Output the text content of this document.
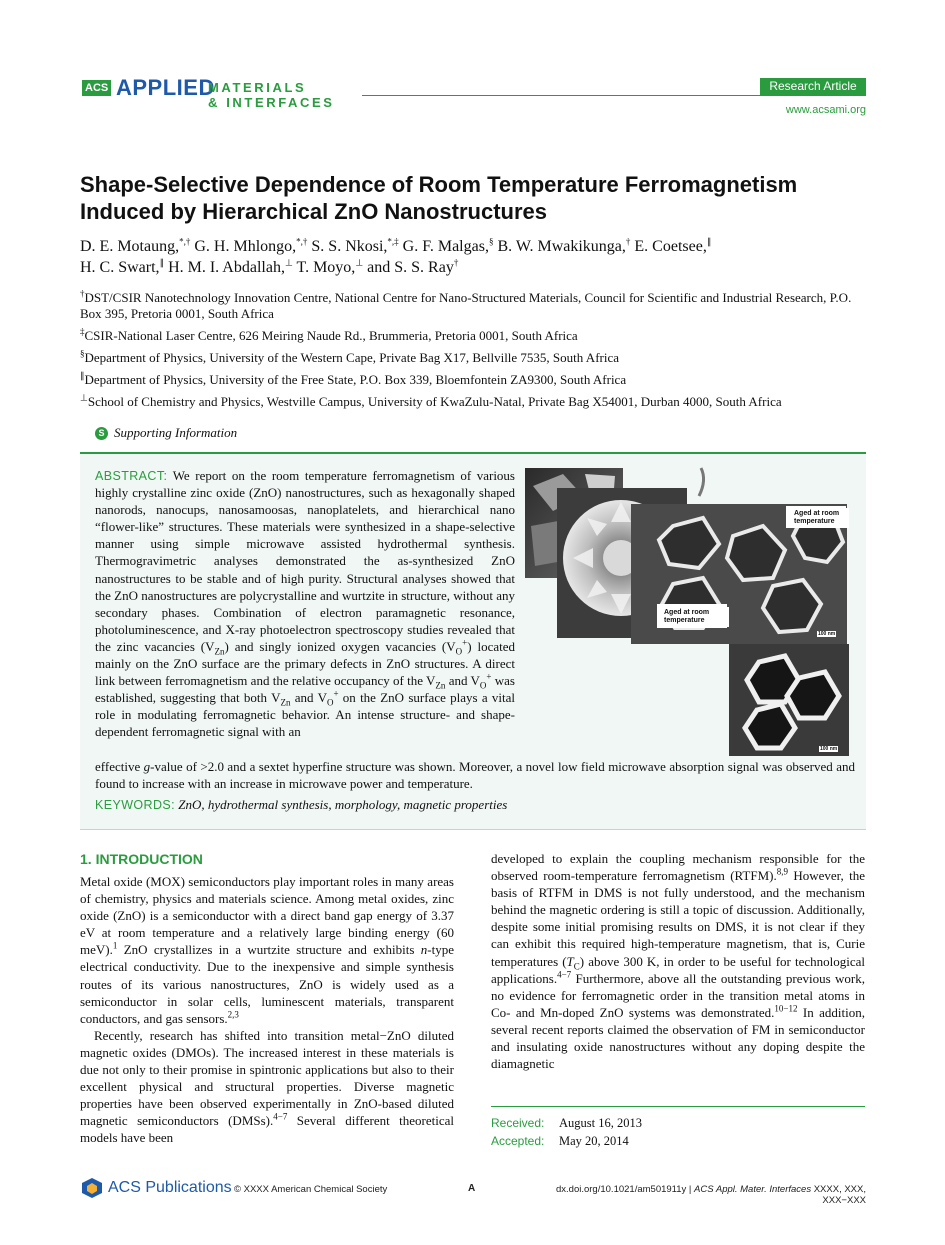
ACS APPLIED
MATERIALS
& INTERFACES
Research Article
www.acsami.org
Shape-Selective Dependence of Room Temperature Ferromagnetism Induced by Hierarchical ZnO Nanostructures
D. E. Motaung,*,† G. H. Mhlongo,*,† S. S. Nkosi,*,‡ G. F. Malgas,§ B. W. Mwakikunga,† E. Coetsee,∥
H. C. Swart,∥ H. M. I. Abdallah,⊥ T. Moyo,⊥ and S. S. Ray†

†DST/CSIR Nanotechnology Innovation Centre, National Centre for Nano-Structured Materials, Council for Scientific and Industrial Research, P.O. Box 395, Pretoria 0001, South Africa

‡CSIR-National Laser Centre, 626 Meiring Naude Rd., Brummeria, Pretoria 0001, South Africa

§Department of Physics, University of the Western Cape, Private Bag X17, Bellville 7535, South Africa

∥Department of Physics, University of the Free State, P.O. Box 339, Bloemfontein ZA9300, South Africa

⊥School of Chemistry and Physics, Westville Campus, University of KwaZulu-Natal, Private Bag X54001, Durban 4000, South Africa

S Supporting Information
ABSTRACT: We report on the room temperature ferromagnetism of various highly crystalline zinc oxide (ZnO) nanostructures, such as hexagonally shaped nanorods, nanocups, nanosamoosas, nanoplatelets, and hierarchical nano “flower-like” structures. These materials were synthesized in a shape-selective manner using simple microwave assisted hydrothermal synthesis. Thermogravimetric analyses demonstrated the as-synthesized ZnO nanostructures to be stable and of high purity. Structural analyses showed that the ZnO nanostructures are polycrystalline and wurtzite in structure, without any secondary phases. Combination of electron paramagnetic resonance, photoluminescence, and X-ray photoelectron spectroscopy studies revealed that the zinc vacancies $(V_{Zn})$ and singly ionized oxygen vacancies $(V_O^+)$ located mainly on the ZnO surface are the primary defects in ZnO structures. A direct link between ferromagnetism and the relative occupancy of the $V_{Zn}$ and $V_O^+$ was established, suggesting that both $V_{Zn}$ and $V_O^+$ on the ZnO surface plays a vital role in modulating ferromagnetic behavior. An intense structure- and shape-dependent ferromagnetic signal with an
effective g-value of >2.0 and a sextet hyperfine structure was shown. Moreover, a novel low field microwave absorption signal was observed and found to increase with an increase in microwave power and temperature.
KEYWORDS: ZnO, hydrothermal synthesis, morphology, magnetic properties
Aged at room temperature
Aged at room temperature
100 nm
100 nm
1. INTRODUCTION

Metal oxide (MOX) semiconductors play important roles in many areas of chemistry, physics and materials science. Among metal oxides, zinc oxide (ZnO) is a semiconductor with a direct band gap energy of 3.37 eV at room temperature and a relatively large binding energy (60 meV).$^1$ ZnO crystallizes in a wurtzite structure and exhibits n-type electrical conductivity. Due to the inexpensive and simple synthesis routes of its various nanostructures, ZnO is widely used as a semiconductor in solar cells, luminescent materials, transparent conductors, and gas sensors.$^{2,3}$

Recently, research has shifted into transition metal−ZnO diluted magnetic oxides (DMOs). The increased interest in these materials is due not only to their promise in spintronic applications but also to their excellent physical and structural properties. Diverse magnetic properties have been observed experimentally in ZnO-based diluted magnetic semiconductors (DMSs).$^{4-7}$ Several different theoretical models have been

developed to explain the coupling mechanism responsible for the observed room-temperature ferromagnetism (RTFM).$^{8,9}$ However, the basis of RTFM in DMS is not fully understood, and the mechanism behind the magnetic ordering is still a topic of discussion. Additionally, despite some initial promising results on DMS, it is not clear if they can exhibit this required high-temperature magnetism, that is, Curie temperatures $(T_C)$ above 300 K, in order to be useful for technological applications.$^{4-7}$ Furthermore, above all the outstanding previous work, no evidence for ferromagnetic order in the transition metal atoms in Co- and Mn-doped ZnO systems was demonstrated.$^{10-12}$ In addition, several recent reports claimed the observation of FM in semiconductor and insulating oxide nanostructures without any doping despite the diamagnetic

Received: August 16, 2013
Accepted: May 20, 2014
ACS Publications © XXXX American Chemical Society	A	dx.doi.org/10.1021/am501911y | ACS Appl. Mater. Interfaces XXXX, XXX, XXX−XXX
